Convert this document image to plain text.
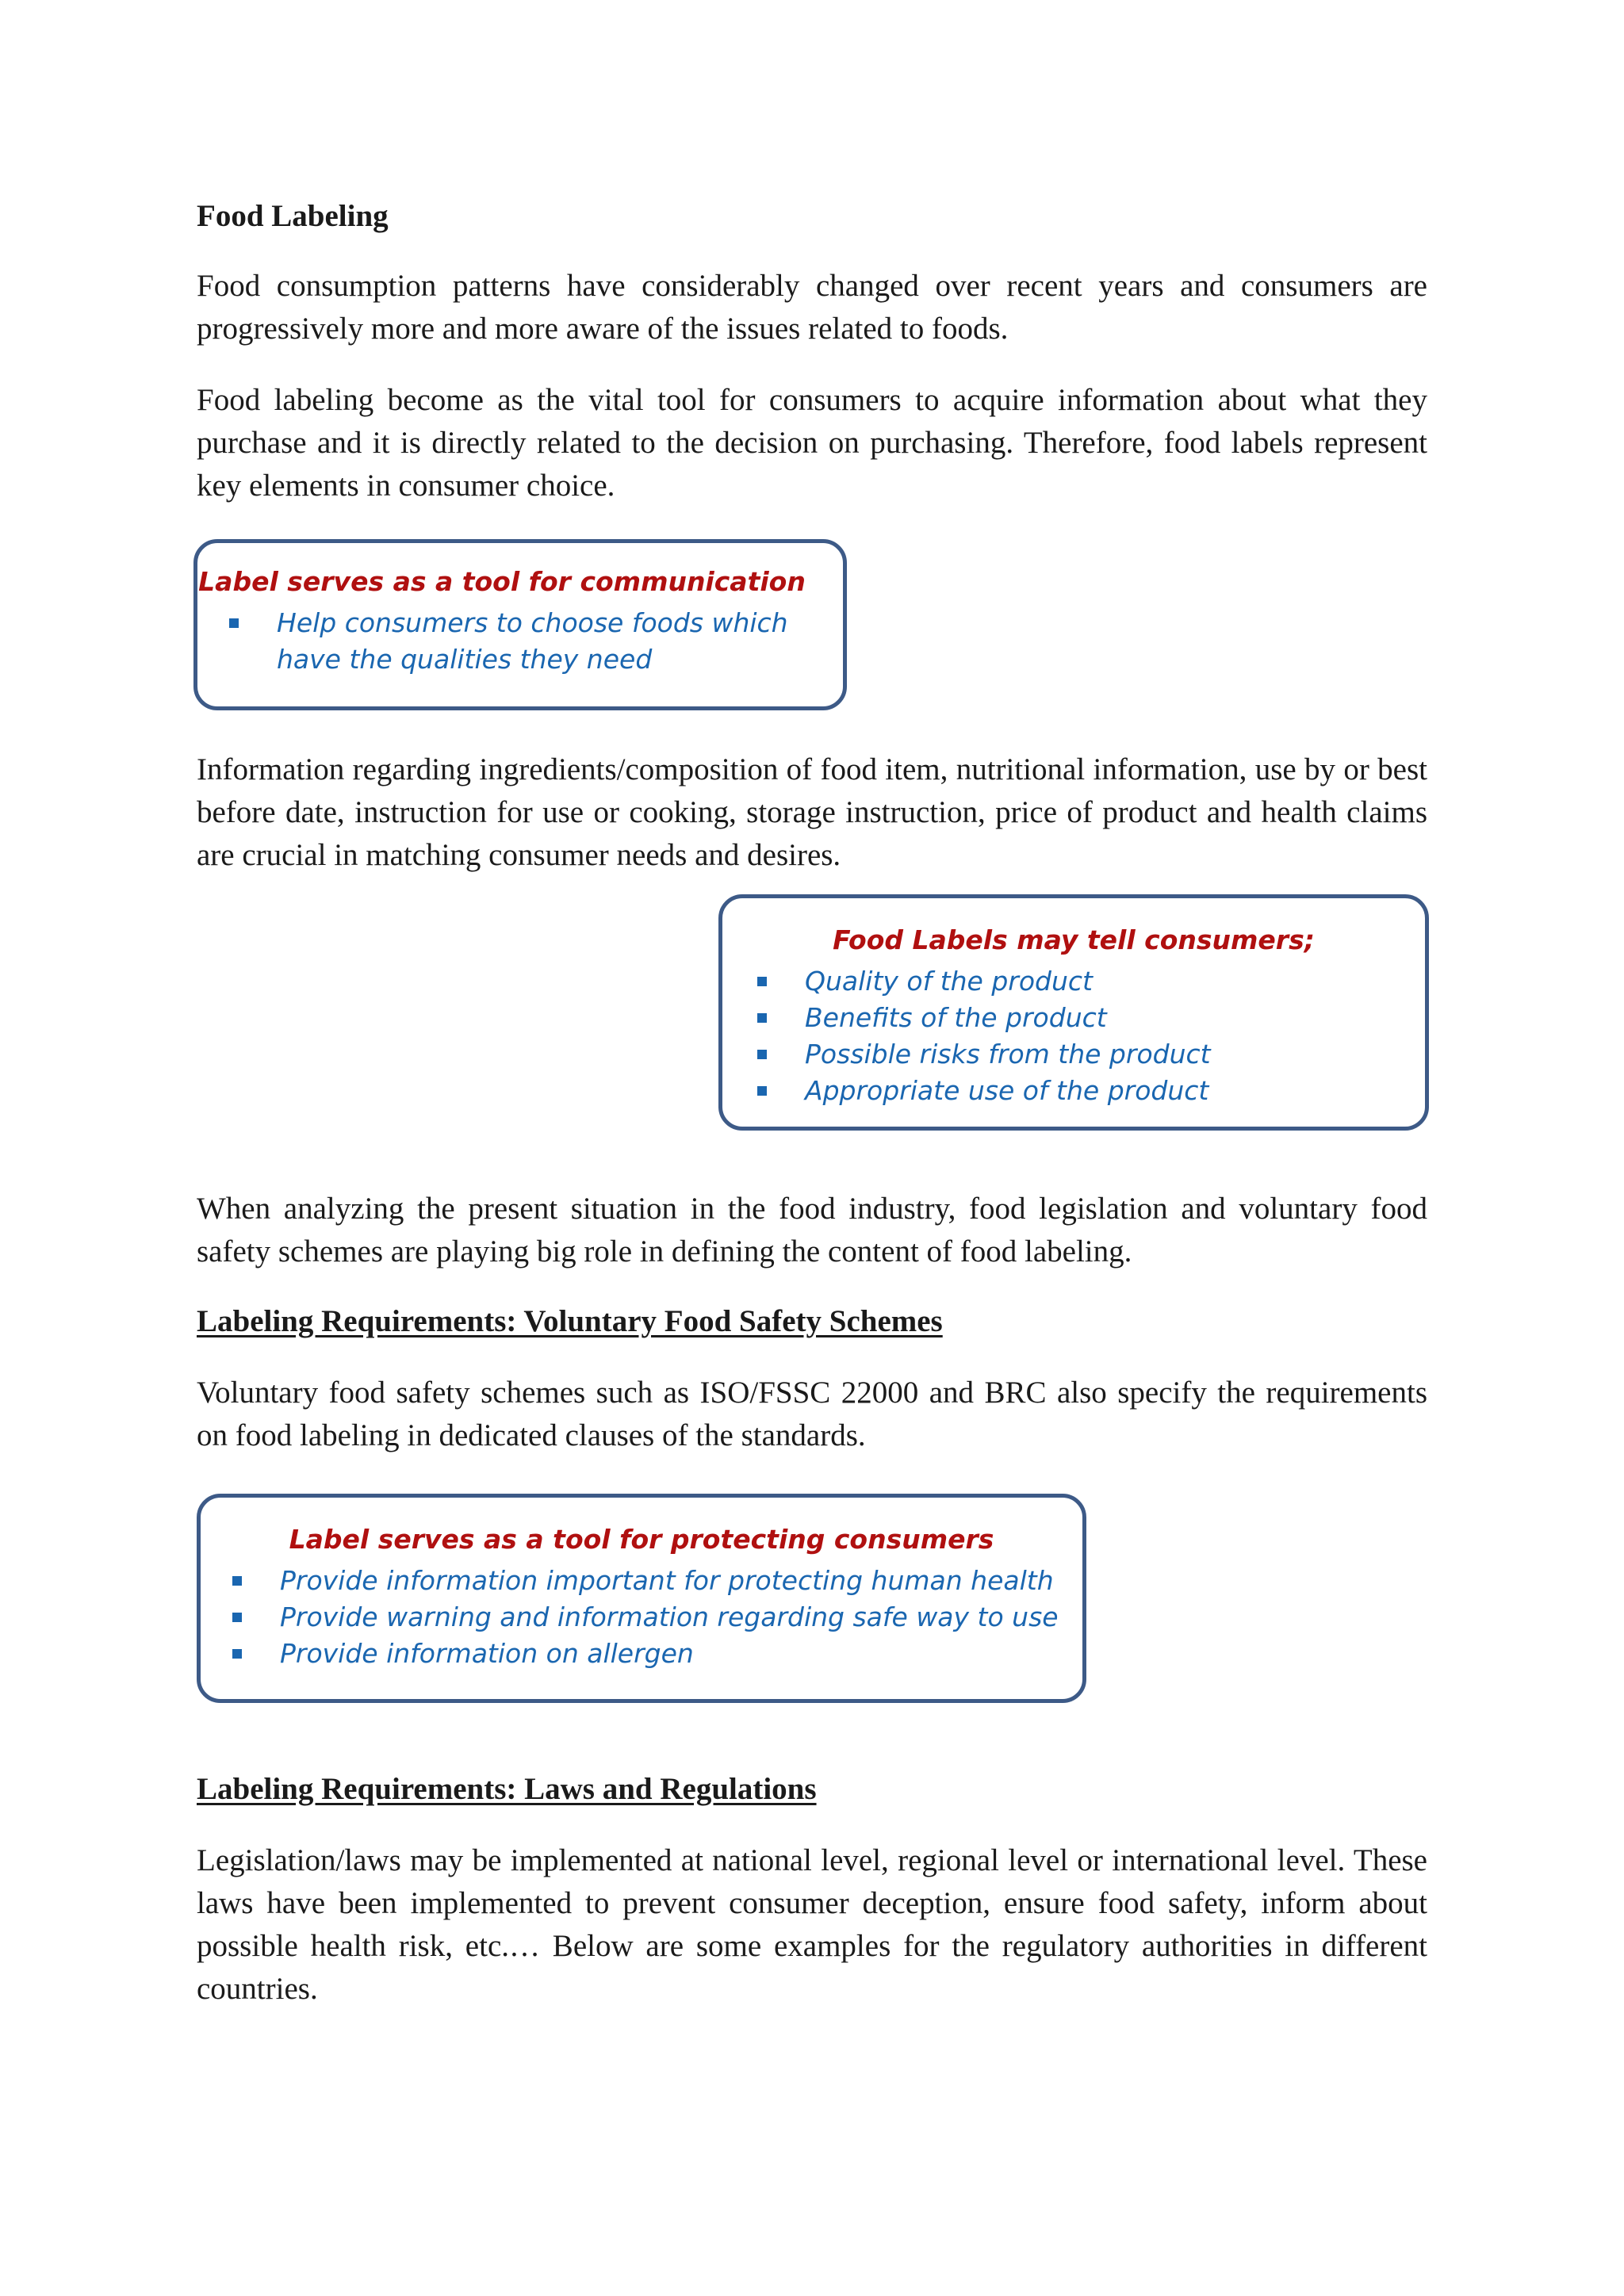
Food Labeling

Food consumption patterns have considerably changed over recent years and consumers are progressively more and more aware of the issues related to foods.

Food labeling become as the vital tool for consumers to acquire information about what they purchase and it is directly related to the decision on purchasing. Therefore, food labels represent key elements in consumer choice.

Label serves as a tool for communication
Help consumers to choose foods which have the qualities they need

Information regarding ingredients/composition of food item, nutritional information, use by or best before date, instruction for use or cooking, storage instruction, price of product and health claims are crucial in matching consumer needs and desires.

Food Labels may tell consumers;
Quality of the product
Benefits of the product
Possible risks from the product
Appropriate use of the product

When analyzing the present situation in the food industry, food legislation and voluntary food safety schemes are playing big role in defining the content of food labeling.

Labeling Requirements: Voluntary Food Safety Schemes

Voluntary food safety schemes such as ISO/FSSC 22000 and BRC also specify the requirements on food labeling in dedicated clauses of the standards.

Label serves as a tool for protecting consumers
Provide information important for protecting human health
Provide warning and information regarding safe way to use
Provide information on allergen
Labeling Requirements: Laws and Regulations

Legislation/laws may be implemented at national level, regional level or international level. These laws have been implemented to prevent consumer deception, ensure food safety, inform about possible health risk, etc.… Below are some examples for the regulatory authorities in different countries.
